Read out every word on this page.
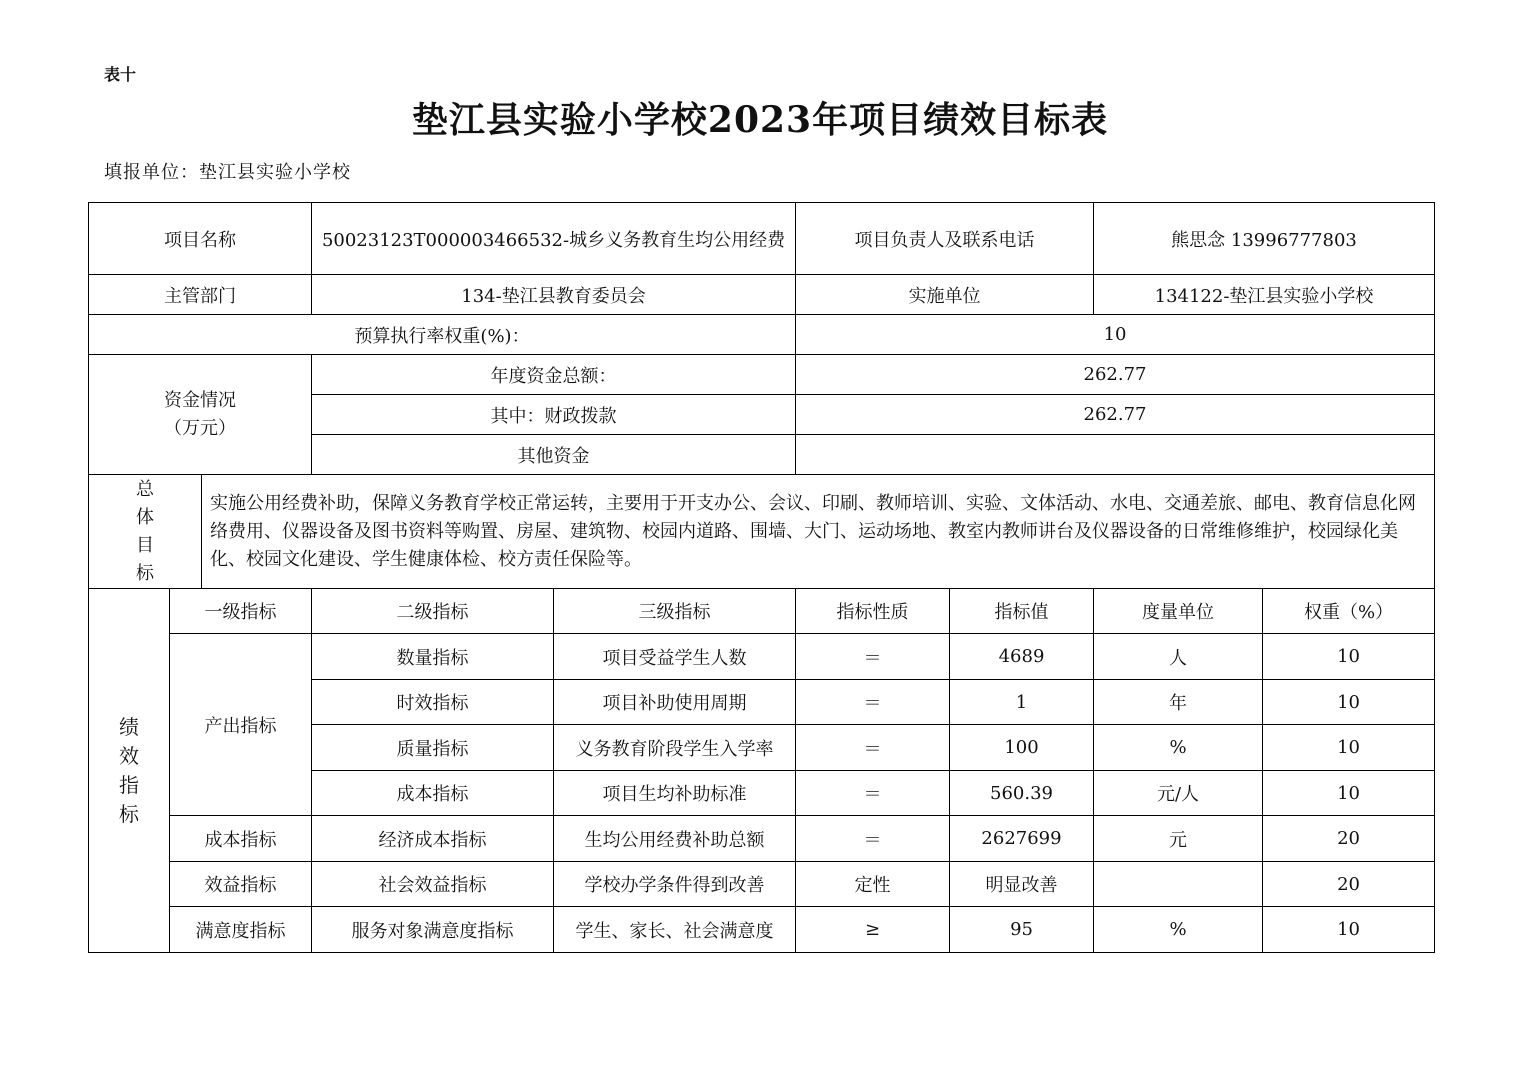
表十
垫江县实验小学校2023年项目绩效目标表
填报单位：垫江县实验小学校
项目名称			50023123T000003466532-城乡义务教育生均公用经费		项目负责人及联系电话		熊思念 13996777803	
主管部门			134-垫江县教育委员会		实施单位		134122-垫江县实验小学校	
预算执行率权重(%)：					10			

资金情况
（万元）			年度资金总额：		262.77			
			其中：财政拨款		262.77			
			其他资金					

总
体
目
标		实施公用经费补助，保障义务教育学校正常运转，主要用于开支办公、会议、印刷、教师培训、实验、文体活动、水电、交通差旅、邮电、教育信息化网络费用、仪器设备及图书资料等购置、房屋、建筑物、校园内道路、围墙、大门、运动场地、教室内教师讲台及仪器设备的日常维修维护，校园绿化美化、校园文化建设、学生健康体检、校方责任保险等。						

绩
效
指
标	一级指标		二级指标	三级指标	指标性质	指标值	度量单位	权重（%）
	产出指标		数量指标	项目受益学生人数	＝	4689	人	10
			时效指标	项目补助使用周期	＝	1	年	10
			质量指标	义务教育阶段学生入学率	＝	100	%	10
			成本指标	项目生均补助标准	＝	560.39	元/人	10
	成本指标		经济成本指标	生均公用经费补助总额	＝	2627699	元	20
	效益指标		社会效益指标	学校办学条件得到改善	定性	明显改善		20
	满意度指标		服务对象满意度指标	学生、家长、社会满意度	≥	95	%	10
